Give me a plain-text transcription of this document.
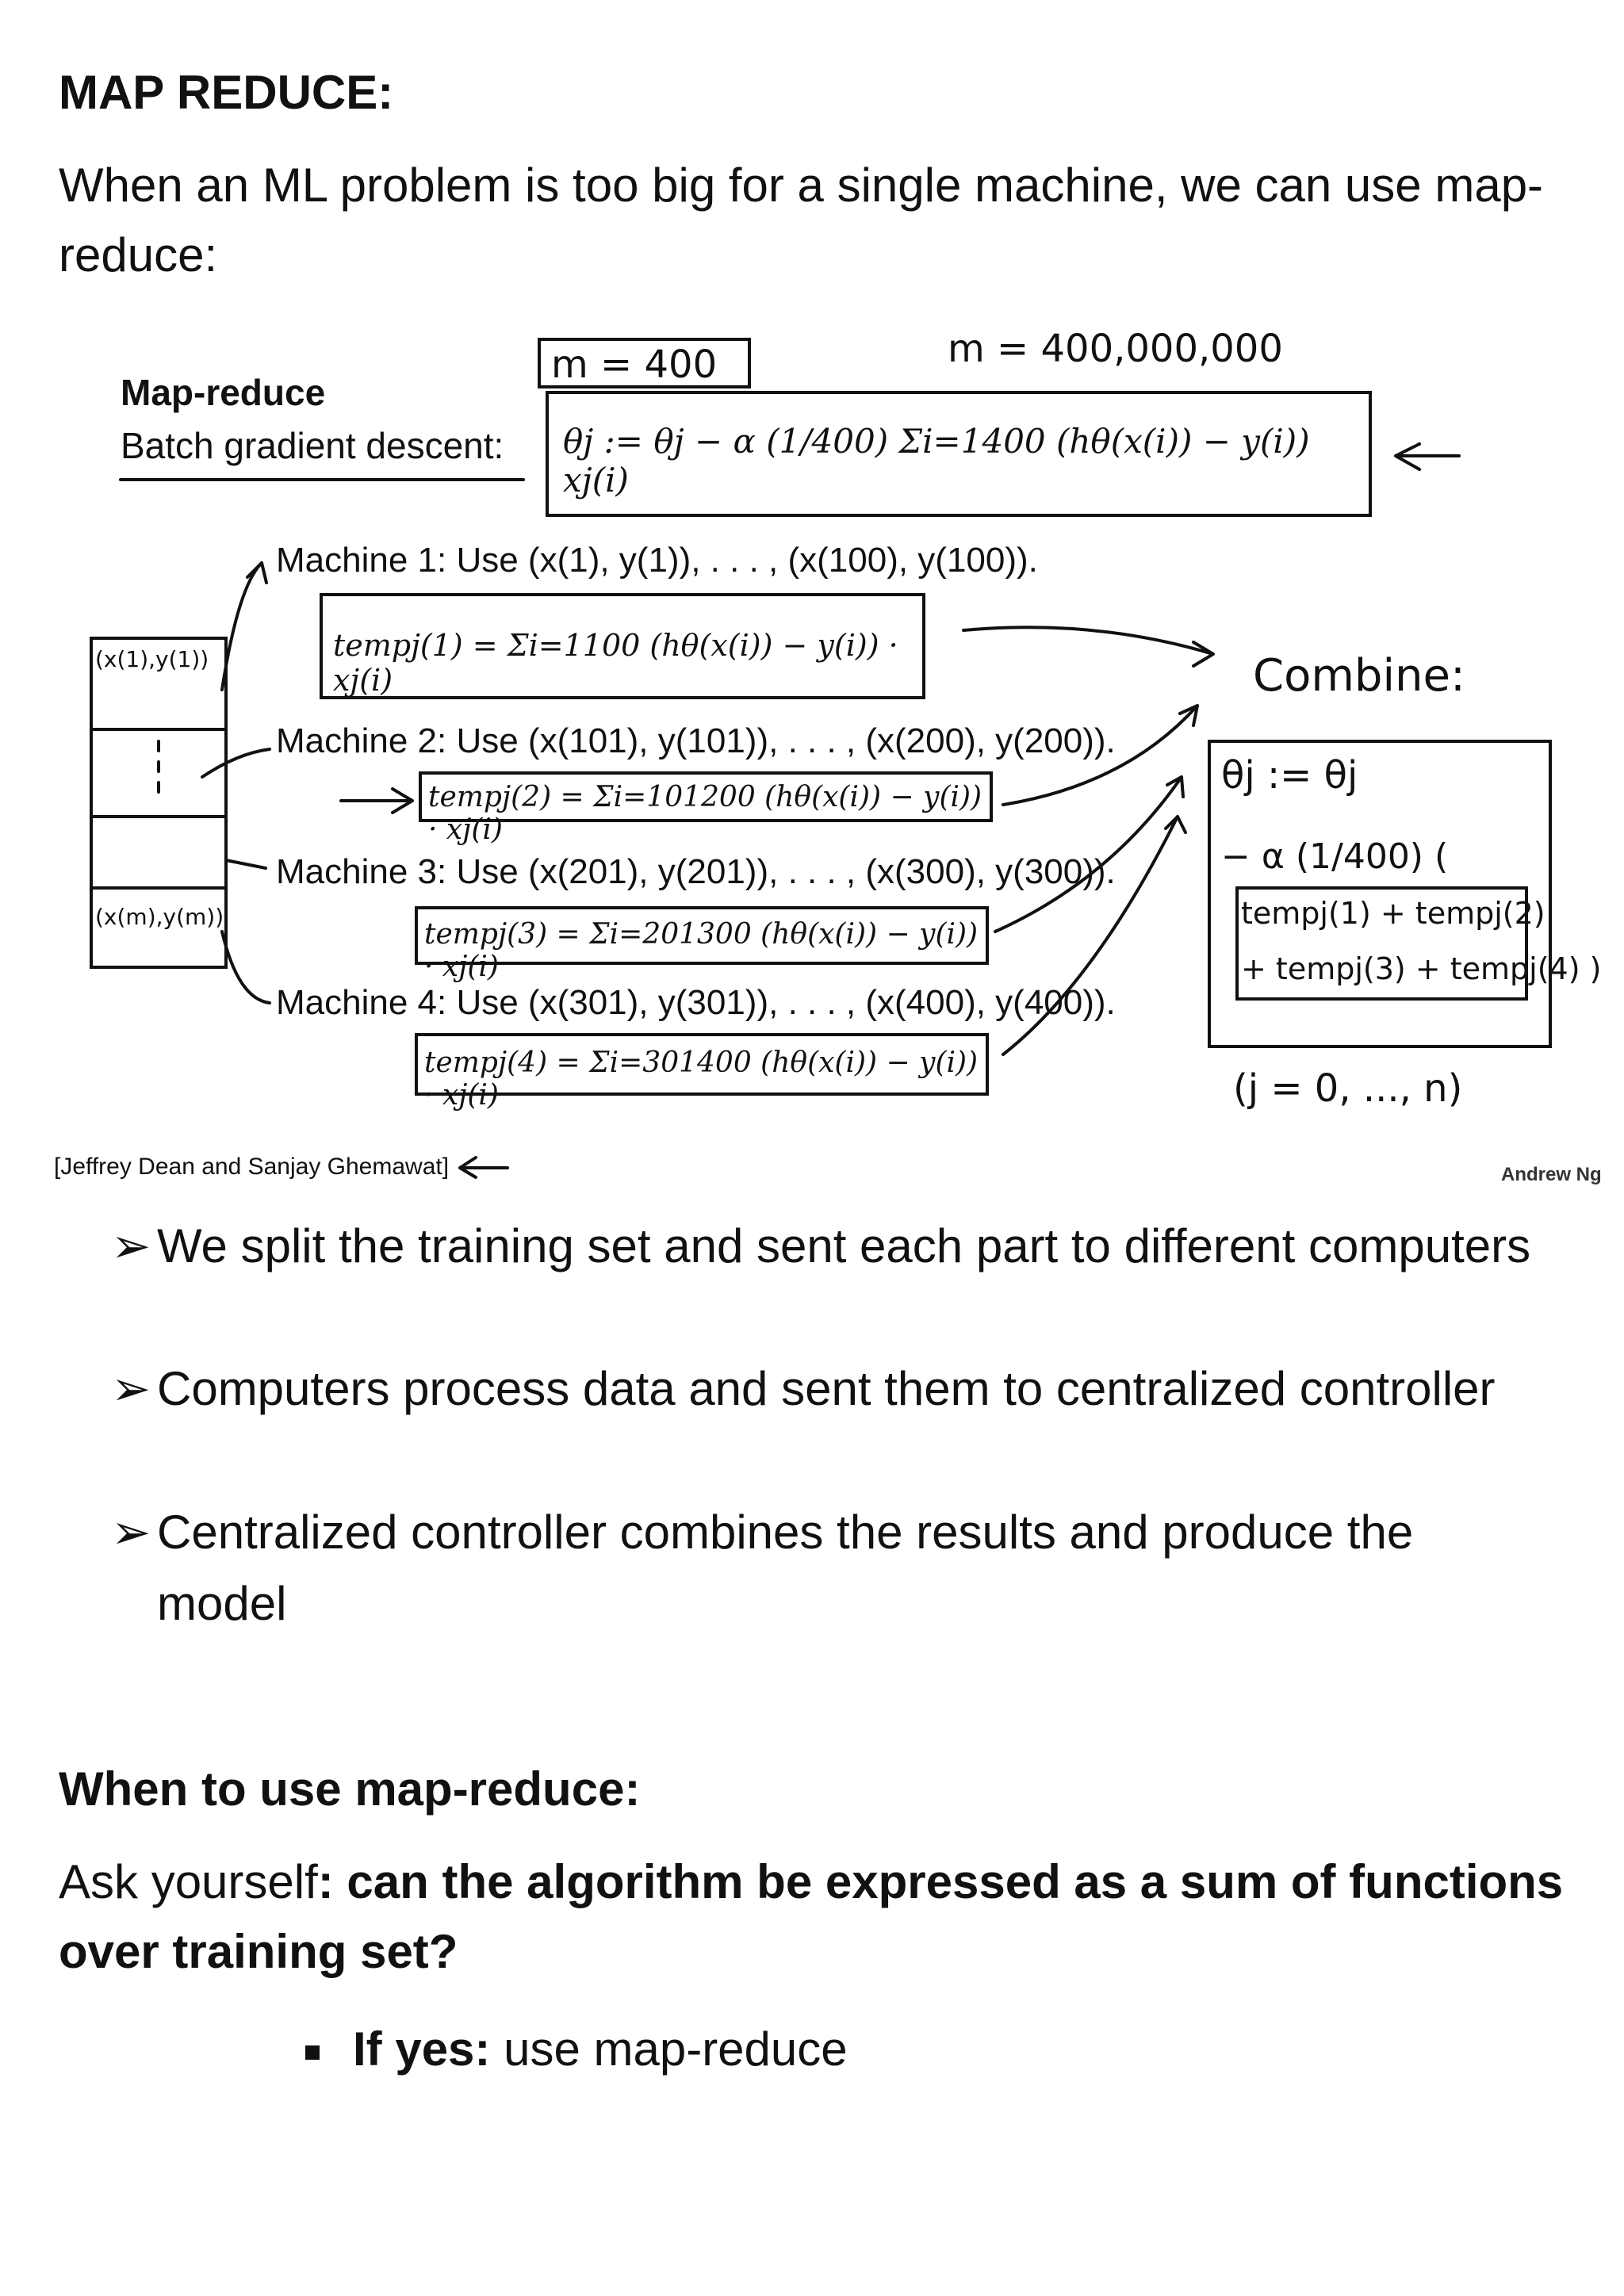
MAP REDUCE:
When an ML problem is too big for a single machine, we can use map-reduce:
m = 400	m = 400,000,000
Map-reduce
Batch gradient descent: θj := θj − α (1/400) Σi=1400 (hθ(x(i)) − y(i)) xj(i)
Machine 1: Use (x(1), y(1)), . . . , (x(100), y(100)).
tempj(1) = Σi=1100 (hθ(x(i)) − y(i)) · xj(i)
Machine 2: Use (x(101), y(101)), . . . , (x(200), y(200)).
tempj(2) = Σi=101200 (hθ(x(i)) − y(i)) · xj(i)
Machine 3: Use (x(201), y(201)), . . . , (x(300), y(300)).
tempj(3) = Σi=201300 (hθ(x(i)) − y(i)) · xj(i)
Machine 4: Use (x(301), y(301)), . . . , (x(400), y(400)).
tempj(4) = Σi=301400 (hθ(x(i)) − y(i)) · xj(i)
(x(1),y(1))
(x(m),y(m))
Combine:
θj := θj
− α (1/400) (
tempj(1) + tempj(2)
+ tempj(3) + tempj(4) )
(j = 0, ..., n)
[Jeffrey Dean and Sanjay Ghemawat]	Andrew Ng
➢ We split the training set and sent each part to different computers
➢ Computers process data and sent them to centralized controller
➢ Centralized controller combines the results and produce the model
When to use map-reduce:
Ask yourself: can the algorithm be expressed as a sum of functions over training set?
If yes: use map-reduce
